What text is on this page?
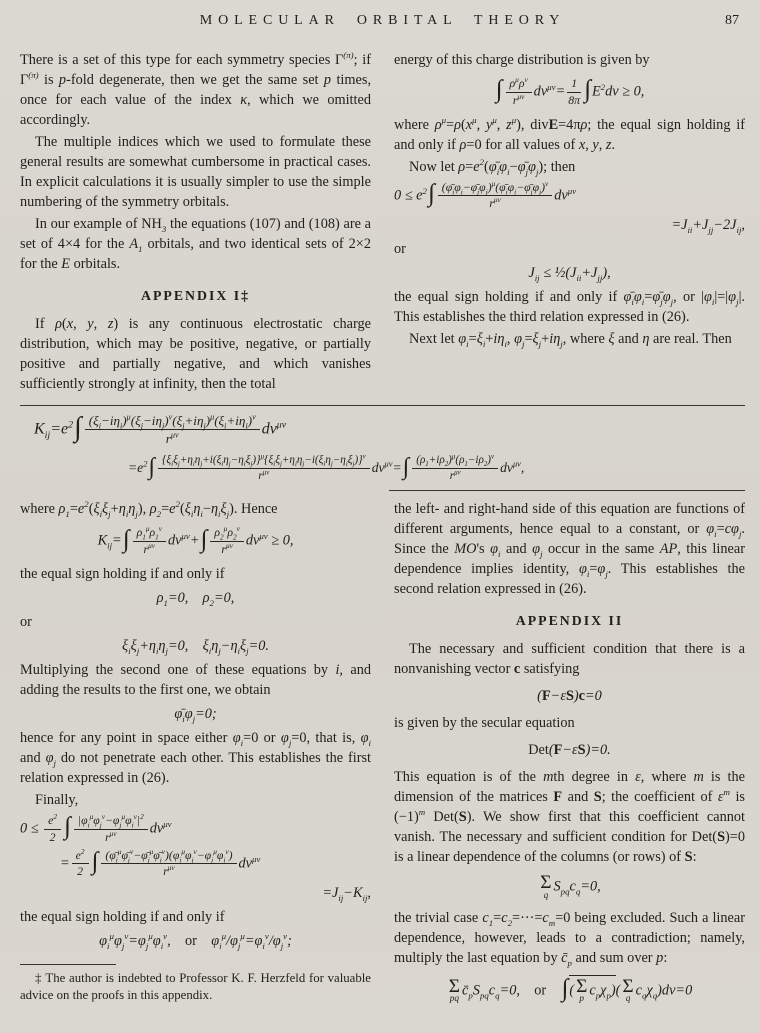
MOLECULAR ORBITAL THEORY	87

There is a set of this type for each symmetry species $\Gamma^{(\pi)}$; if $\Gamma^{(\pi)}$ is p-fold degenerate, then we get the same set p times, once for each value of the index κ, which we omitted accordingly.

The multiple indices which we used to formulate these general results are somewhat cumbersome in practical cases. In explicit calculations it is usually simpler to use the simple numbering of the symmetry orbitals.

In our example of $NH_3$ the equations (107) and (108) are a set of 4×4 for the $A_1$ orbitals, and two identical sets of 2×2 for the E orbitals.

APPENDIX I‡

If ρ(x, y, z) is any continuous electrostatic charge distribution, which may be positive, negative, or partially positive and partially negative, and which vanishes sufficiently strongly at infinity, then the total

energy of this charge distribution is given by

∫ $\rho^\mu\rho^\nu$
$r^{\mu\nu}$ $dv^{\mu\nu}= \frac{1}{8\pi} \int E^2dv \ge 0$,

where $\rho^\mu=\rho(x^\mu$, $y^\mu$, $z^\mu$), divE=4πρ; the equal sign holding if and only if ρ=0 for all values of x, y, z.

Now let $\rho=e^2(\varphī_i\varphi_i-\varphī_j\varphi_j)$; then

$0 \le e^2\int$ $(\varphī_i\varphi_i-\varphī_j\varphi_j)^\mu(\varphī_i\varphi_i-\varphī_j\varphi_j)^\nu$
$r^{\mu\nu}$	$dv^{\mu\nu}$
$=J_{ii}+J_{jj}-2J_{ij}$,

or

$J_{ij}$ ≤ $\frac{1}{2}(J_{ii}+J_{jj})$,

the equal sign holding if and only if $\varphī_i\varphi_i=\varphī_j\varphi_j$, or $|\varphi_i|=|\varphi_j|$. This establishes the third relation expressed in (26).

Next let $\varphi_i=\xi_i+i\eta_i$, $\varphi_j=\xi_j+i\eta_j$, where ξ and η are real. Then

$K_{ij}=e^2\int$ $(\xi_i-i\eta_i)^\mu(\xi_j-i\eta_j)^\nu(\xi_j+i\eta_j)^\mu(\xi_i+i\eta_i)^\nu$
$r^{\mu\nu}$	$dv^{\mu\nu}$
$=e^2\int$ $\{\xi_i\xi_j+\eta_i\eta_j+i(\xi_i\eta_j-\eta_i\xi_j)\}^\mu\{\xi_i\xi_j+\eta_i\eta_j-i(\xi_i\eta_j-\eta_i\xi_j)\}^\nu$
$r^{\mu\nu}$	$dv^{\mu\nu}=\int$ $(\rho_1+i\rho_2)^\mu(\rho_1-i\rho_2)^\nu$
$r^{\mu\nu}$	$dv^{\mu\nu}$,

where $\rho_1=e^2(\xi_i\xi_j+\eta_i\eta_j)$, $\rho_2=e^2(\xi_i\eta_i-\eta_i\xi_j)$. Hence

$K_{ij}=\int$ $\rho_1^\mu\rho_1^\nu$
$r^{\mu\nu}$ $dv^{\mu\nu}+\int$ $\rho_2^\mu\rho_2^\nu$
$r^{\mu\nu}$ $dv^{\mu\nu} \ge 0$,

the equal sign holding if and only if

$\rho_1=0$, $\rho_2=0$,

or

$\xi_i\xi_j+\eta_i\eta_j=0$, $\xi_i\eta_j-\eta_i\xi_j=0$.

Multiplying the second one of these equations by i, and adding the results to the first one, we obtain

$\varphī_i\varphi_j=0$;

hence for any point in space either $\varphi_i=0$ or $\varphi_j=0$, that is, $\varphi_i$ and $\varphi_j$ do not penetrate each other. This establishes the first relation expressed in (26).

Finally,

$0 \le \frac{e^2}{2}$ ∫ $|\varphi_i^\mu\varphi_j^\nu-\varphi_j^\mu\varphi_i^\nu|^2$
$r^{\mu\nu}$	$dv^{\mu\nu}$
= $\frac{e^2}{2}$ ∫ $(\varphī_i^\mu\varphī_j^\nu-\varphī_j^\mu\varphī_i^\nu)(\varphi_i^\mu\varphi_j^\nu-\varphi_j^\mu\varphi_i^\nu)$
$r^{\mu\nu}$	$dv^{\mu\nu}$
$=J_{ij}-K_{ij}$,

the equal sign holding if and only if

$\varphi_i^\mu\varphi_j^\nu=\varphi_j^\mu\varphi_i^\nu$, or $\varphi_i^\mu/\varphi_j^\mu=\varphi_i^\nu/\varphi_j^\nu$;

‡ The author is indebted to Professor K. F. Herzfeld for valuable advice on the proofs in this appendix.

the left- and right-hand side of this equation are functions of different arguments, hence equal to a constant, or $\varphi_i=c\varphi_j$. Since the MO's $\varphi_i$ and $\varphi_j$ occur in the same AP, this linear dependence implies identity, $\varphi_i=\varphi_j$. This establishes the second relation expressed in (26).

APPENDIX II

The necessary and sufficient condition that there is a nonvanishing vector c satisfying

(F−εS)c=0

is given by the secular equation

Det(F−εS)=0.

This equation is of the mth degree in ε, where m is the dimension of the matrices F and S; the coefficient of $\varepsilon^m$ is $(-1)^m$ Det(S). We show first that this coefficient cannot vanish. The necessary and sufficient condition for Det(S)=0 is a linear dependence of the columns (or rows) of S:

Σ
q
$S_{pq}c_q=0$,

the trivial case $c_1=c_2=\cdot\cdot\cdot=c_m=0$ being excluded. Such a linear dependence, however, leads to a contradiction; namely, multiply the last equation by $c̄_p$ and sum over p:

Σ
pq
$c̄_pS_{pq}c_q=0$, or  ∫( Σ
p
$c_p\chi_p$)( Σ
q
$c_q\chi_q)dv=0$
